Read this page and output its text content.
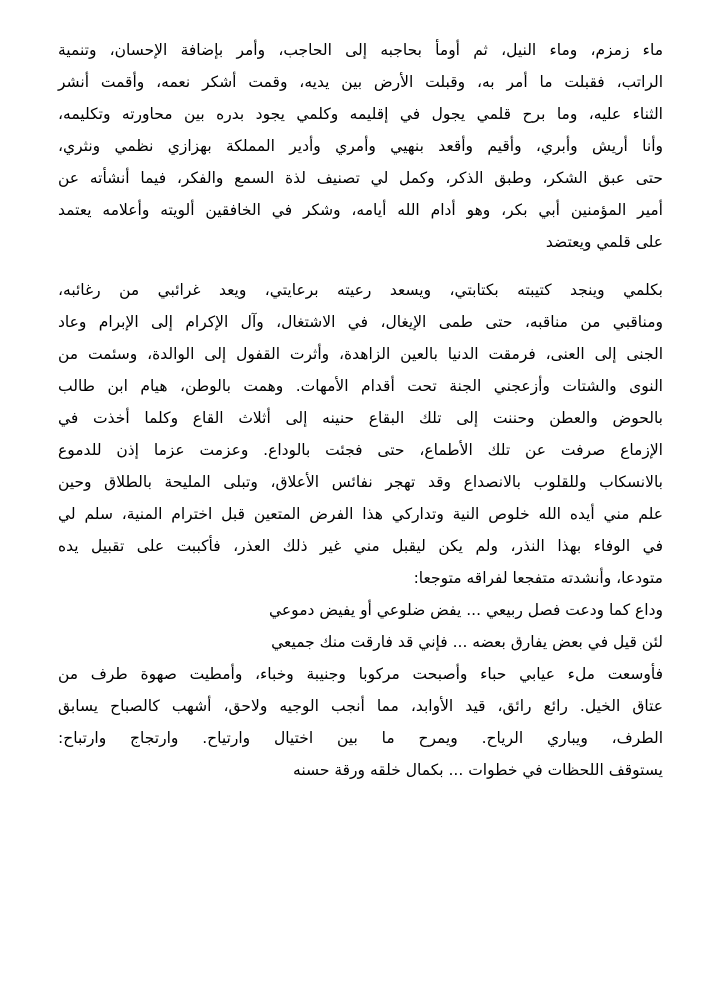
ماء زمزم، وماء النيل، ثم أومأ بحاجبه إلى الحاجب، وأمر بإضافة الإحسان، وتنمية
الراتب، فقبلت ما أمر به، وقبلت الأرض بين يديه، وقمت أشكر نعمه، وأقمت أنشر
الثناء عليه، وما برح قلمي يجول في إقليمه وكلمي يجود بدره بين محاورته وتكليمه،
وأنا أريش وأبري، وأقيم وأقعد بنهيي وأمري وأدير المملكة بهزازي نظمي ونثري،
حتى عبق الشكر، وطبق الذكر، وكمل لي تصنيف لذة السمع والفكر، فيما أنشأته عن
أمير المؤمنين أبي بكر، وهو أدام الله أيامه، وشكر في الخافقين ألويته وأعلامه يعتمد
على قلمي ويعتضد
بكلمي وينجد كتيبته بكتابتي، ويسعد رعيته برعايتي، ويعد غرائبي من رغائبه،
ومناقبي من مناقبه، حتى طمى الإيغال، في الاشتغال، وآل الإكرام إلى الإبرام وعاد
الجنى إلى العنى، فرمقت الدنيا بالعين الزاهدة، وأثرت القفول إلى الوالدة، وسئمت من
النوى والشتات وأزعجني الجنة تحت أقدام الأمهات. وهمت بالوطن، هيام ابن طالب
بالحوض والعطن وحننت إلى تلك البقاع حنينه إلى أثلاث القاع وكلما أخذت في
الإزماع صرفت عن تلك الأطماع، حتى فجئت بالوداع. وعزمت عزما إذن للدموع
بالانسكاب وللقلوب بالانصداع وقد تهجر نفائس الأعلاق، وتبلى المليحة بالطلاق وحين
علم مني أيده الله خلوص النية وتداركي هذا الفرض المتعين قبل اخترام المنية، سلم لي
في الوفاء بهذا النذر، ولم يكن ليقبل مني غير ذلك العذر، فأكببت على تقبيل يده
متودعا، وأنشدته متفجعا لفراقه متوجعا:
وداع كما ودعت فصل ربيعي ... يفض ضلوعي أو يفيض دموعي
لئن قيل في بعض يفارق بعضه ... فإني قد فارقت منك جميعي
فأوسعت ملء عيابي حباء وأصبحت مركوبا وجنيبة وخباء، وأمطيت صهوة طرف من
عتاق الخيل. رائع رائق، قيد الأوابد، مما أنجب الوجيه ولاحق، أشهب كالصباح يسابق
الطرف، ويباري الرياح. ويمرح ما بين اختيال وارتياح. وارتجاج وارتباح:
يستوقف اللحظات في خطوات ... بكمال خلقه ورقة حسنه
